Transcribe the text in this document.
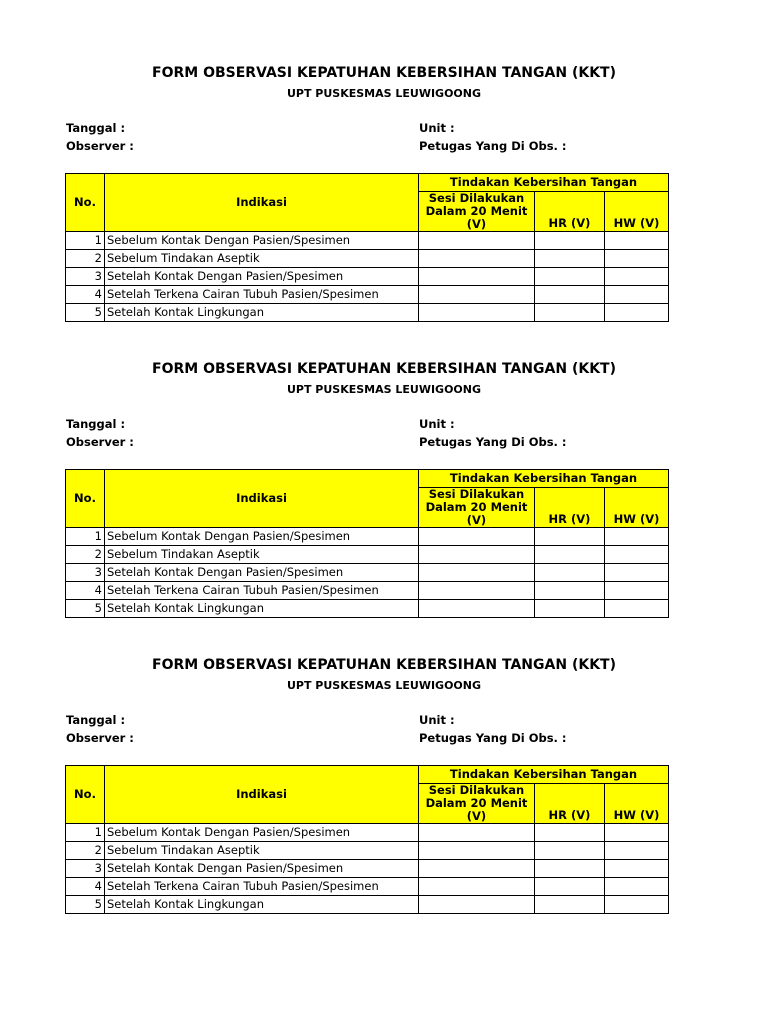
FORM OBSERVASI KEPATUHAN KEBERSIHAN TANGAN (KKT)
UPT PUSKESMAS LEUWIGOONG
Tanggal :
Observer :
Unit :
Petugas Yang Di Obs. :
No.	Indikasi	Tindakan Kebersihan Tangan		
		Sesi Dilakukan Dalam 20 Menit (V)	HR (V)	HW (V)
1	Sebelum Kontak Dengan Pasien/Spesimen			
2	Sebelum Tindakan Aseptik			
3	Setelah Kontak Dengan Pasien/Spesimen			
4	Setelah Terkena Cairan Tubuh Pasien/Spesimen			
5	Setelah Kontak Lingkungan			
FORM OBSERVASI KEPATUHAN KEBERSIHAN TANGAN (KKT)
UPT PUSKESMAS LEUWIGOONG
Tanggal :
Observer :
Unit :
Petugas Yang Di Obs. :
No.	Indikasi	Tindakan Kebersihan Tangan		
		Sesi Dilakukan Dalam 20 Menit (V)	HR (V)	HW (V)
1	Sebelum Kontak Dengan Pasien/Spesimen			
2	Sebelum Tindakan Aseptik			
3	Setelah Kontak Dengan Pasien/Spesimen			
4	Setelah Terkena Cairan Tubuh Pasien/Spesimen			
5	Setelah Kontak Lingkungan			
FORM OBSERVASI KEPATUHAN KEBERSIHAN TANGAN (KKT)
UPT PUSKESMAS LEUWIGOONG
Tanggal :
Observer :
Unit :
Petugas Yang Di Obs. :
No.	Indikasi	Tindakan Kebersihan Tangan		
		Sesi Dilakukan Dalam 20 Menit (V)	HR (V)	HW (V)
1	Sebelum Kontak Dengan Pasien/Spesimen			
2	Sebelum Tindakan Aseptik			
3	Setelah Kontak Dengan Pasien/Spesimen			
4	Setelah Terkena Cairan Tubuh Pasien/Spesimen			
5	Setelah Kontak Lingkungan			
